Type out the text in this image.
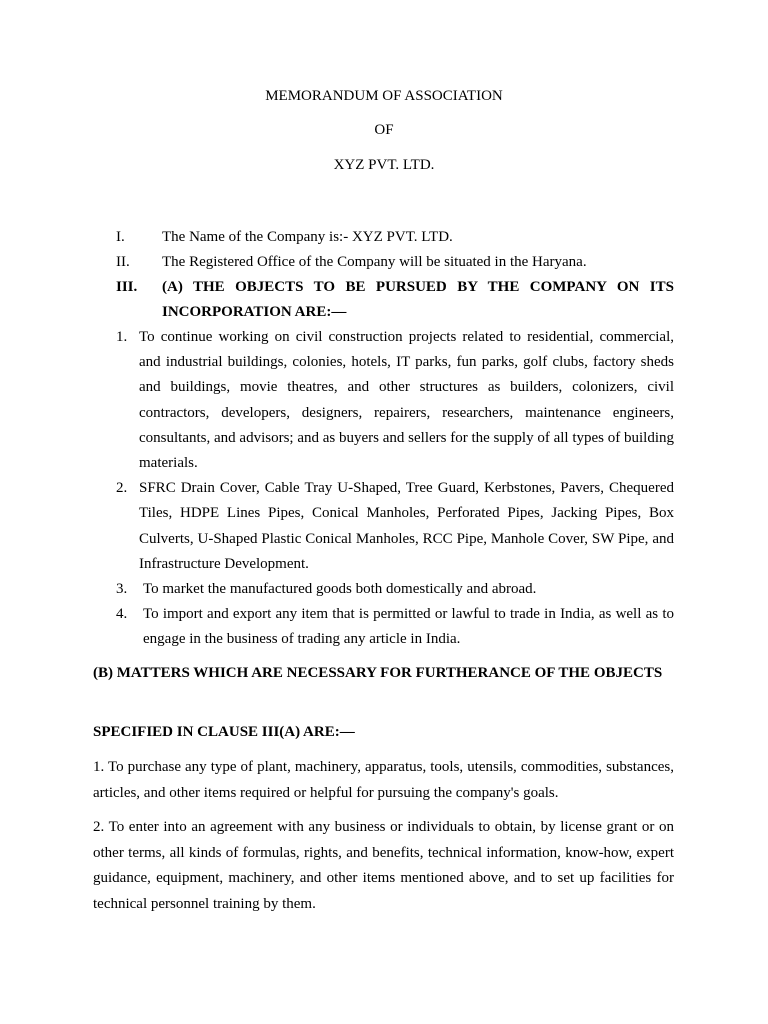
MEMORANDUM OF ASSOCIATION
OF
XYZ PVT. LTD.
I. The Name of the Company is:- XYZ PVT. LTD.
II. The Registered Office of the Company will be situated in the Haryana.
III. (A) THE OBJECTS TO BE PURSUED BY THE COMPANY ON ITS INCORPORATION ARE:—
1. To continue working on civil construction projects related to residential, commercial, and industrial buildings, colonies, hotels, IT parks, fun parks, golf clubs, factory sheds and buildings, movie theatres, and other structures as builders, colonizers, civil contractors, developers, designers, repairers, researchers, maintenance engineers, consultants, and advisors; and as buyers and sellers for the supply of all types of building materials.
2. SFRC Drain Cover, Cable Tray U-Shaped, Tree Guard, Kerbstones, Pavers, Chequered Tiles, HDPE Lines Pipes, Conical Manholes, Perforated Pipes, Jacking Pipes, Box Culverts, U-Shaped Plastic Conical Manholes, RCC Pipe, Manhole Cover, SW Pipe, and Infrastructure Development.
3. To market the manufactured goods both domestically and abroad.
4. To import and export any item that is permitted or lawful to trade in India, as well as to engage in the business of trading any article in India.
(B) MATTERS WHICH ARE NECESSARY FOR FURTHERANCE OF THE OBJECTS
SPECIFIED IN CLAUSE III(A) ARE:—
1. To purchase any type of plant, machinery, apparatus, tools, utensils, commodities, substances, articles, and other items required or helpful for pursuing the company's goals.
2. To enter into an agreement with any business or individuals to obtain, by license grant or on other terms, all kinds of formulas, rights, and benefits, technical information, know-how, expert guidance, equipment, machinery, and other items mentioned above, and to set up facilities for technical personnel training by them.
